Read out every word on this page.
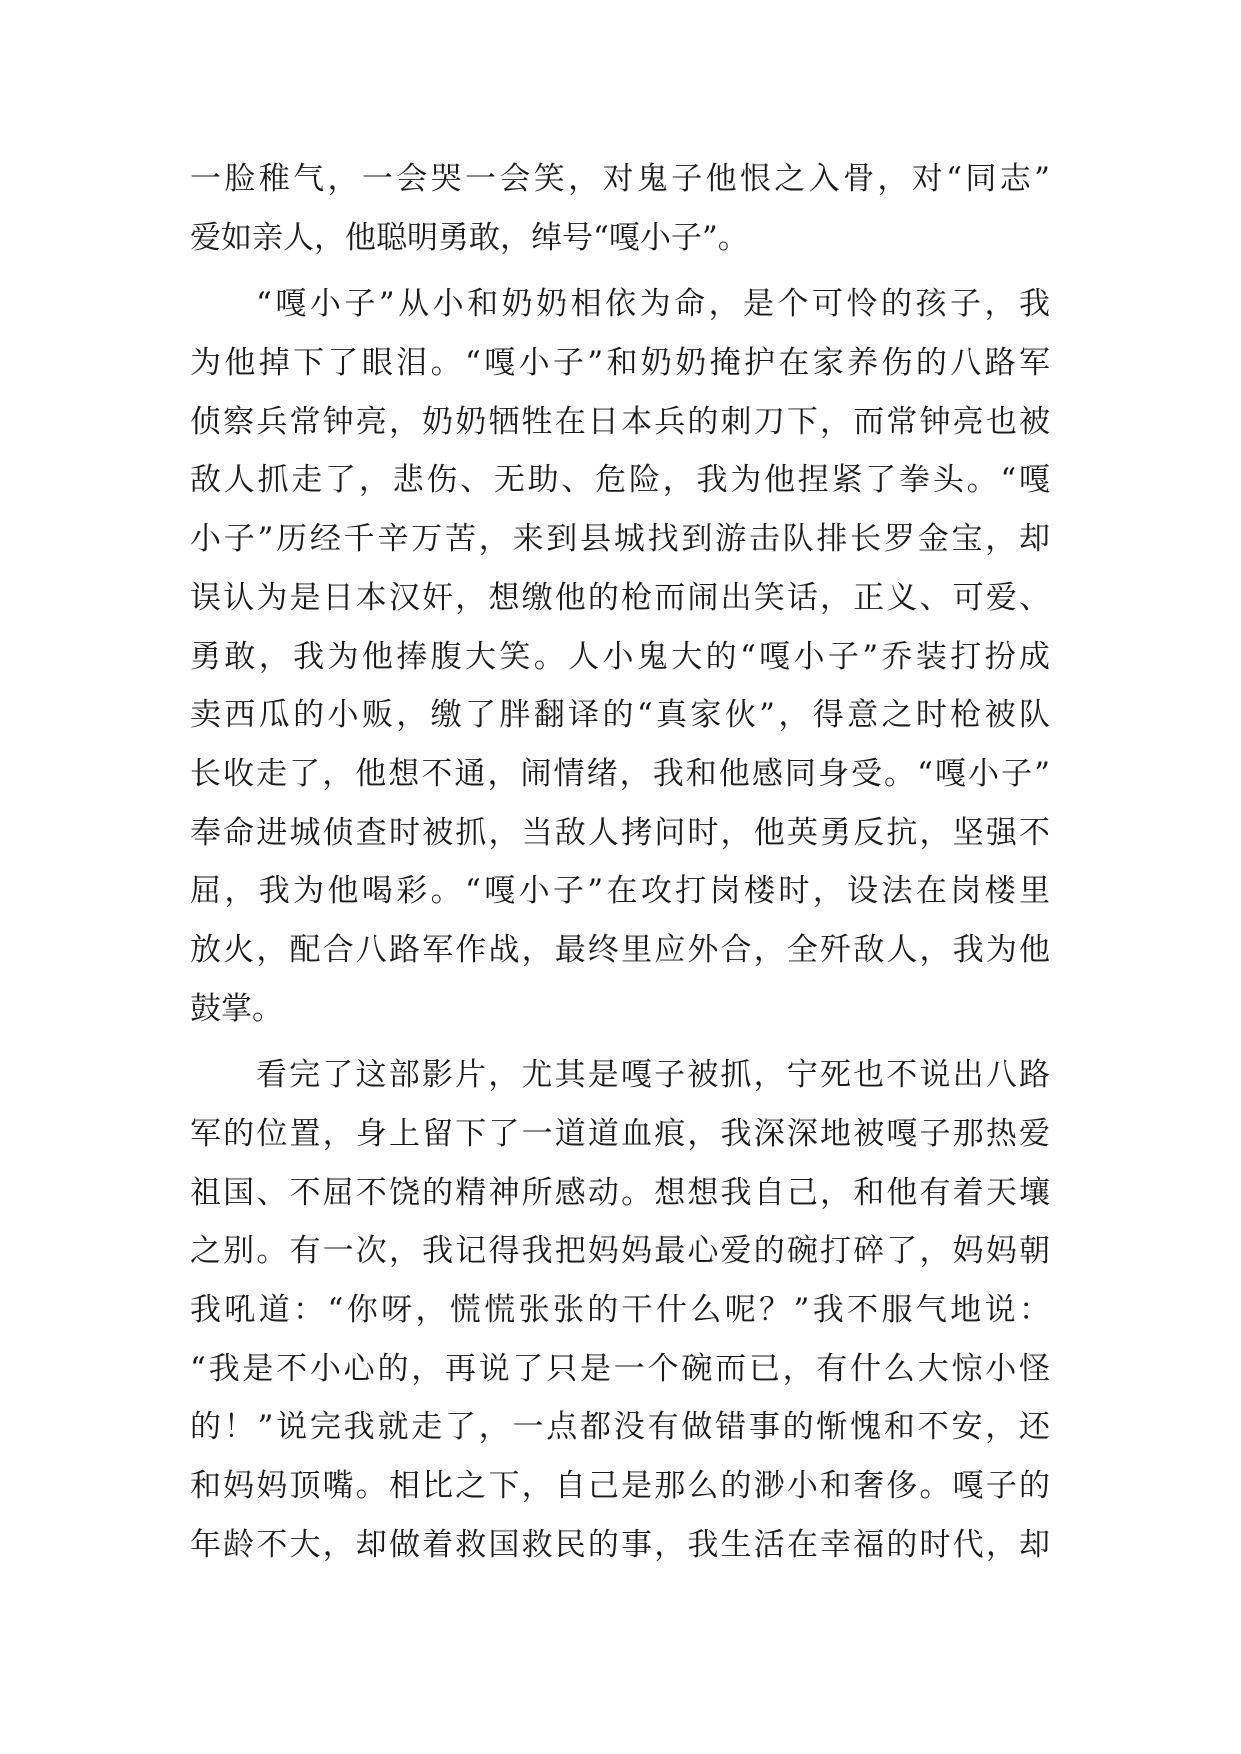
一脸稚气，一会哭一会笑，对鬼子他恨之入骨，对“同志”
爱如亲人，他聪明勇敢，绰号“嘎小子”。
“嘎小子”从小和奶奶相依为命，是个可怜的孩子，我
为他掉下了眼泪。“嘎小子”和奶奶掩护在家养伤的八路军
侦察兵常钟亮，奶奶牺牲在日本兵的刺刀下，而常钟亮也被
敌人抓走了，悲伤、无助、危险，我为他捏紧了拳头。“嘎
小子”历经千辛万苦，来到县城找到游击队排长罗金宝，却
误认为是日本汉奸，想缴他的枪而闹出笑话，正义、可爱、
勇敢，我为他捧腹大笑。人小鬼大的“嘎小子”乔装打扮成
卖西瓜的小贩，缴了胖翻译的“真家伙”，得意之时枪被队
长收走了，他想不通，闹情绪，我和他感同身受。“嘎小子”
奉命进城侦查时被抓，当敌人拷问时，他英勇反抗，坚强不
屈，我为他喝彩。“嘎小子”在攻打岗楼时，设法在岗楼里
放火，配合八路军作战，最终里应外合，全歼敌人，我为他
鼓掌。
看完了这部影片，尤其是嘎子被抓，宁死也不说出八路
军的位置，身上留下了一道道血痕，我深深地被嘎子那热爱
祖国、不屈不饶的精神所感动。想想我自己，和他有着天壤
之别。有一次，我记得我把妈妈最心爱的碗打碎了，妈妈朝
我吼道：“你呀，慌慌张张的干什么呢？”我不服气地说：
“我是不小心的，再说了只是一个碗而已，有什么大惊小怪
的！”说完我就走了，一点都没有做错事的惭愧和不安，还
和妈妈顶嘴。相比之下，自己是那么的渺小和奢侈。嘎子的
年龄不大，却做着救国救民的事，我生活在幸福的时代，却
